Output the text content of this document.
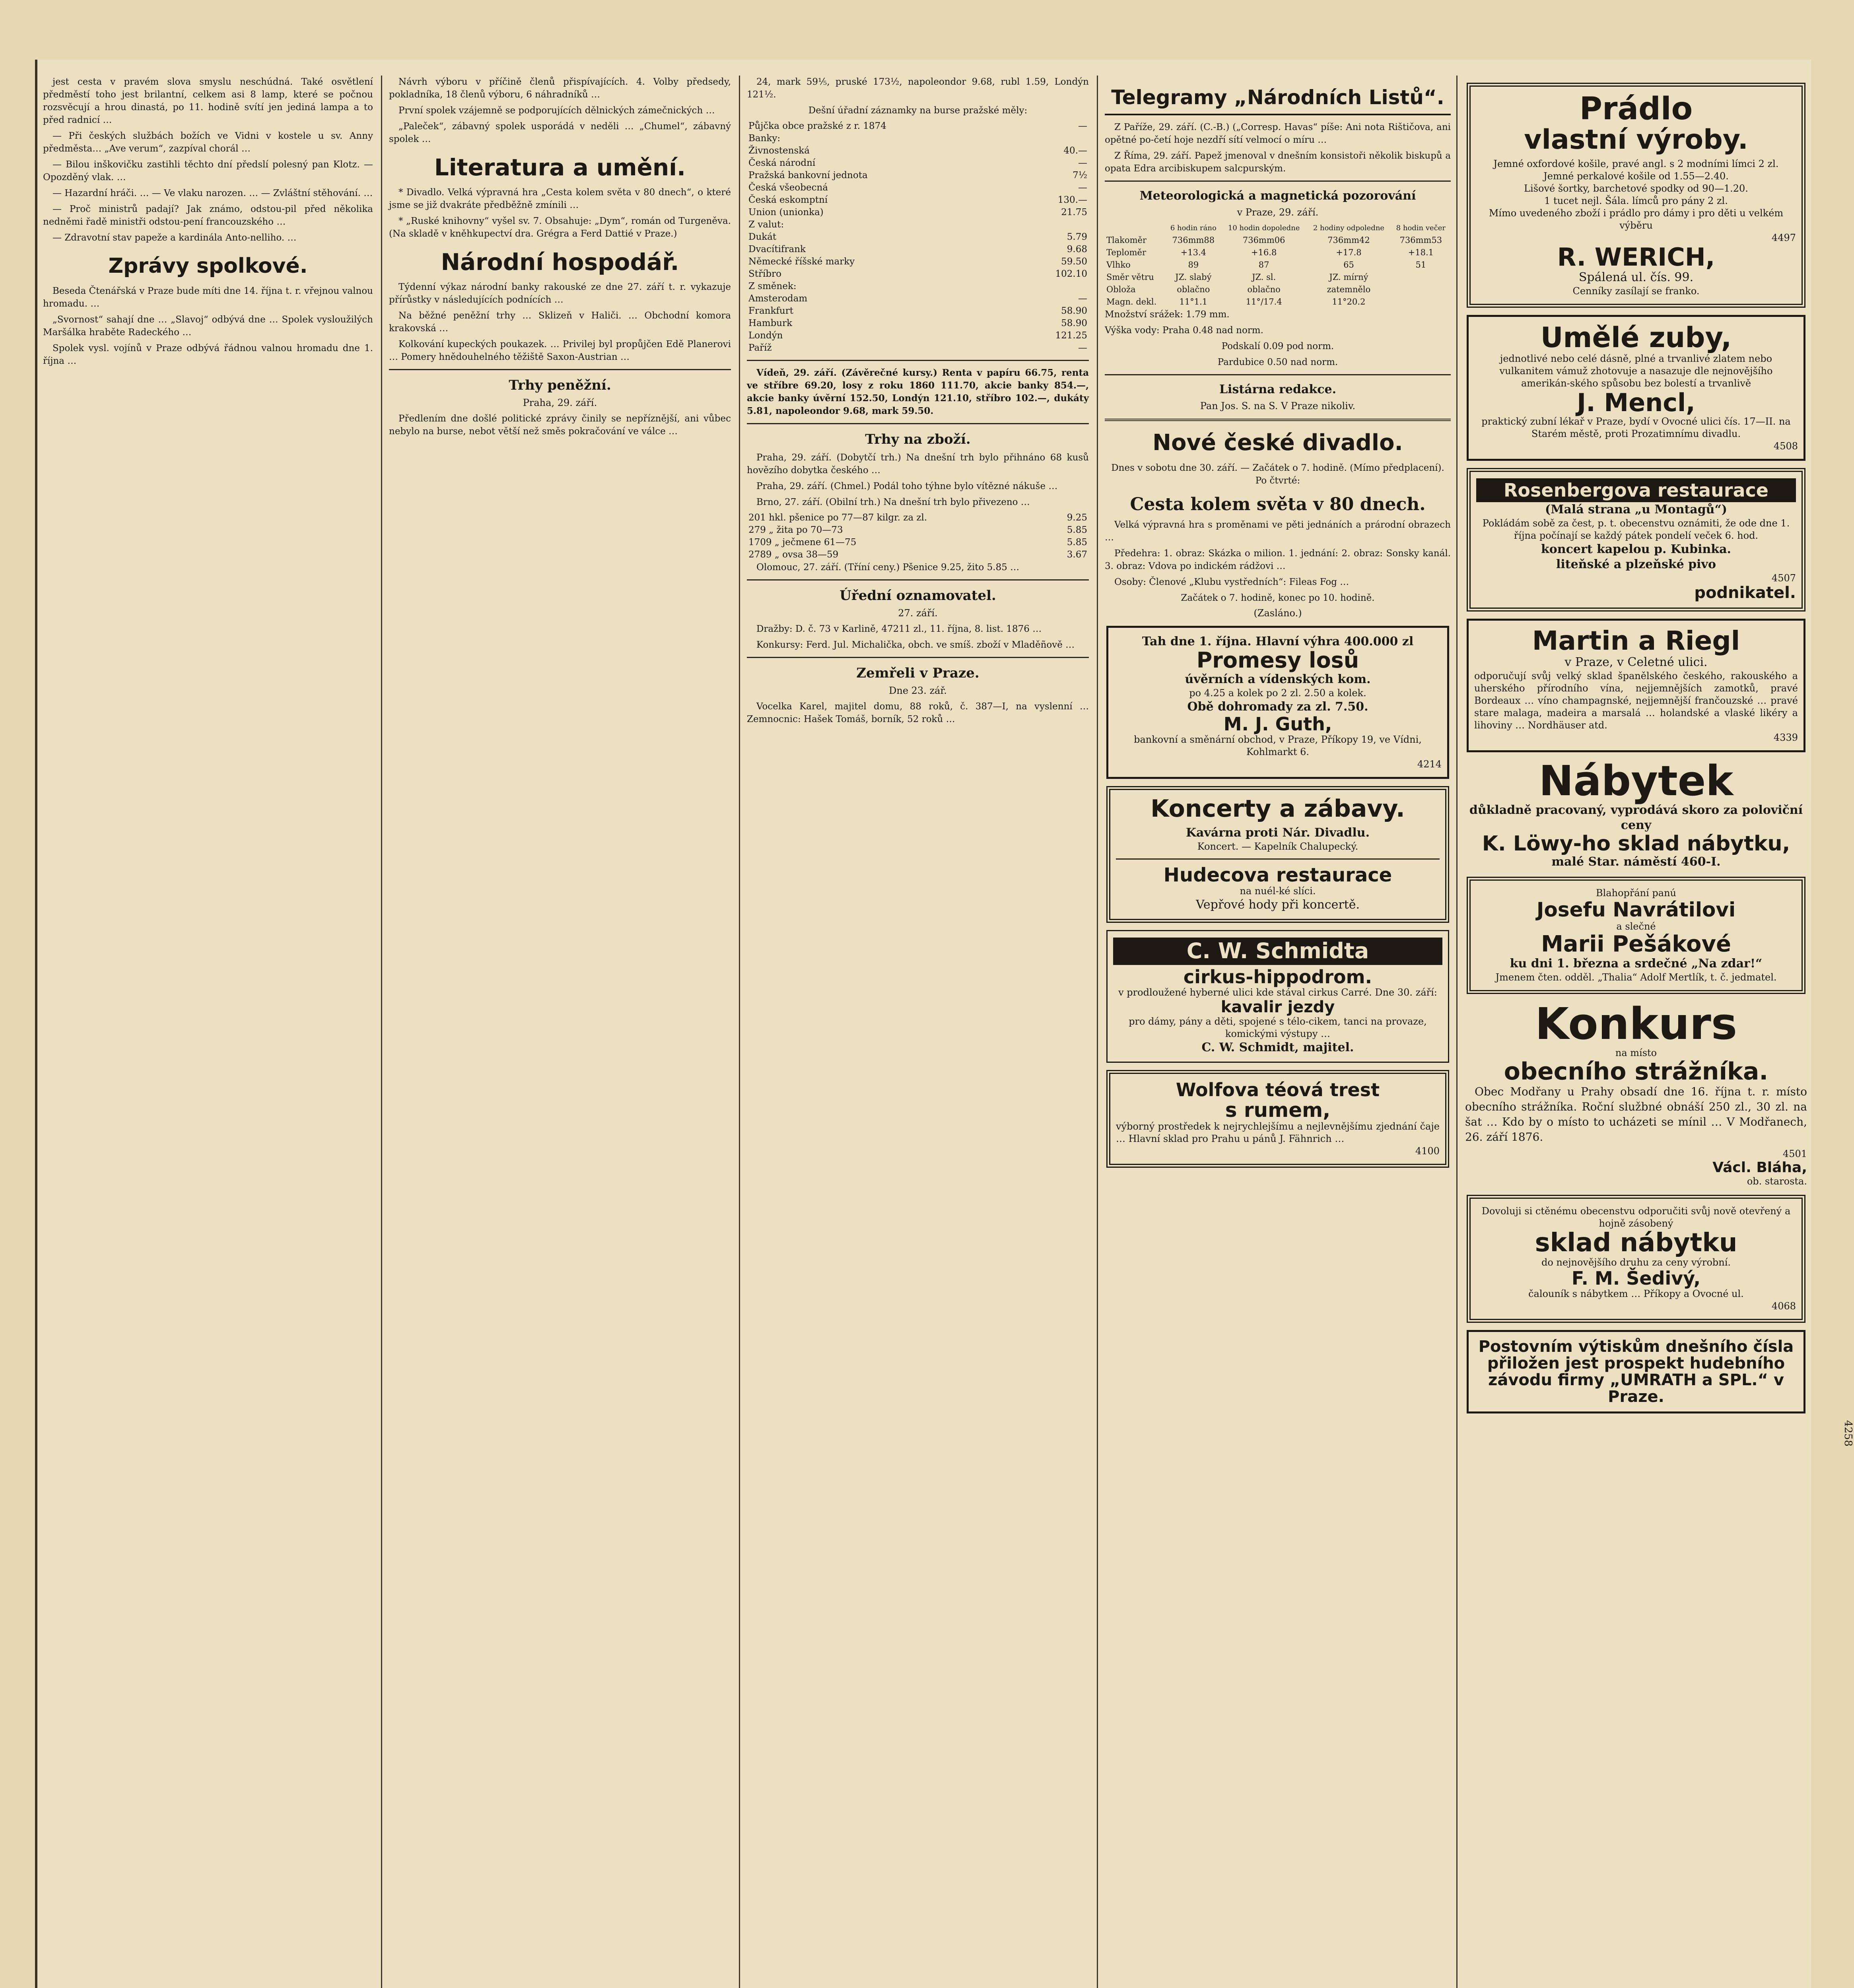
jest cesta v pravém slova smyslu neschúdná. Také osvětlení předměstí toho jest brilantní, celkem asi 8 lamp, které se počnou rozsvěcují a hrou dinastá, po 11. hodině svítí jen jediná lampa a to před radnicí …

— Při českých službách božích ve Vidni v kostele u sv. Anny předměsta… „Ave verum“, zazpíval chorál …

— Bilou inškovičku zastihli těchto dní předslí polesný pan Klotz. — Opozděný vlak. …

— Hazardní hráči. … — Ve vlaku narozen. … — Zvláštní stěhování. …

— Proč ministrů padají? Jak známo, odstou-pil před několika nedněmi řadě ministři odstou-pení francouzského …

— Zdravotní stav papeže a kardinála Anto-nelliho. …

Zprávy spolkové.

Beseda Čtenářská v Praze bude míti dne 14. října t. r. vřejnou valnou hromadu. …

„Svornost“ sahají dne … „Slavoj“ odbývá dne … Spolek vysloužilých Maršálka hraběte Radeckého …

Spolek vysl. vojínů v Praze odbývá řádnou valnou hromadu dne 1. října …

Návrh výboru v příčině členů přispívajících. 4. Volby předsedy, pokladníka, 18 členů výboru, 6 náhradníků …

První spolek vzájemně se podporujících dělnických zámečnických …

„Paleček“, zábavný spolek usporádá v neděli … „Chumel“, zábavný spolek …

Literatura a umění.

* Divadlo. Velká výpravná hra „Cesta kolem světa v 80 dnech“, o které jsme se již dvakráte předběžně zmínili …

* „Ruské knihovny“ vyšel sv. 7. Obsahuje: „Dym“, román od Turgeněva. (Na skladě v kněhkupectví dra. Grégra a Ferd Dattié v Praze.)

Národní hospodář.

Týdenní výkaz národní banky rakouské ze dne 27. září t. r. vykazuje přírůstky v následujících podnících …

Na běžné peněžní trhy … Sklizeň v Haliči. … Obchodní komora krakovská …

Kolkování kupeckých poukazek. … Privilej byl propůjčen Edě Planerovi … Pomery hnědouhelného těžiště Saxon-Austrian …

Trhy peněžní.
Praha, 29. září.

Předlením dne došlé politické zprávy činily se nepříznější, ani vůbec nebylo na burse, nebot větší než směs pokračování ve válce …

24, mark 59⅕, pruské 173½, napoleondor 9.68, rubl 1.59, Londýn 121½.

Dešní úřadní záznamky na burse pražské měly:

Půjčka obce pražské z r. 1874	—
Banky:	
Živnostenská	40.—
Česká národní	—
Pražská bankovní jednota	7½
Česká všeobecná	—
Česká eskomptní	130.—
Union (unionka)	21.75
Z valut:	
Dukát	5.79
Dvacítifrank	9.68
Německé říšské marky	59.50
Stříbro	102.10
Z směnek:	
Amsterodam	—
Frankfurt	58.90
Hamburk	58.90
Londýn	121.25
Paříž	—

Vídeň, 29. září. (Závěrečné kursy.) Renta v papíru 66.75, renta ve stříbre 69.20, losy z roku 1860 111.70, akcie banky 854.—, akcie banky úvěrní 152.50, Londýn 121.10, stříbro 102.—, dukáty 5.81, napoleondor 9.68, mark 59.50.

Trhy na zboží.

Praha, 29. září. (Dobytčí trh.) Na dnešní trh bylo přihnáno 68 kusů hovězího dobytka českého …

Praha, 29. září. (Chmel.) Podál toho týhne bylo vítězné nákuše …

Brno, 27. září. (Obilní trh.) Na dnešní trh bylo přivezeno …

201 hkl. pšenice po 77—87 kilgr. za zl.	9.25
279 „ žita po 70—73	5.85
1709 „ ječmene 61—75	5.85
2789 „ ovsa 38—59	3.67

Olomouc, 27. září. (Tříní ceny.) Pšenice 9.25, žito 5.85 …

Úřední oznamovatel.
27. září.

Dražby: D. č. 73 v Karlině, 47211 zl., 11. října, 8. list. 1876 …

Konkursy: Ferd. Jul. Michalička, obch. ve smíš. zboží v Mladěñově …

Zemřeli v Praze.
Dne 23. zář.

Vocelka Karel, majitel domu, 88 roků, č. 387—I, na vyslenní … Zemnocnic: Hašek Tomáš, borník, 52 roků …

Telegramy „Národních Listů“.

Z Paříže, 29. září. (C.-B.) („Corresp. Havas“ píše: Ani nota Rištičova, ani opětné po-četí hoje nezdří sítí velmocí o míru …

Z Říma, 29. září. Papež jmenoval v dnešním konsistoři několik biskupů a opata Edra arcibiskupem salcpurským.

Meteorologická a magnetická pozorování
v Praze, 29. září.
	6 hodin ráno	10 hodin dopoledne	2 hodiny odpoledne	8 hodin večer
Tlakoměr	736mm88	736mm06	736mm42	736mm53
Teploměr	+13.4	+16.8	+17.8	+18.1
Vlhko	89	87	65	51
Směr větru	JZ. slabý	JZ. sl.	JZ. mírný	
Obloža	oblačno	oblačno	zatemnělo	
Magn. dekl.	11°1.1	11°/17.4	11°20.2	

Množství srážek: 1.79 mm.

Výška vody: Praha 0.48 nad norm.

Podskalí 0.09 pod norm.

Pardubice 0.50 nad norm.

Listárna redakce.
Pan Jos. S. na S. V Praze nikoliv.
Nové české divadlo.

Dnes v sobotu dne 30. září. — Začátek o 7. hodině. (Mímo předplacení). Po čtvrté:

Cesta kolem světa v 80 dnech.

Velká výpravná hra s proměnami ve pěti jednáních a prárodní obrazech …

Předehra: 1. obraz: Skázka o milion. 1. jednání: 2. obraz: Sonsky kanál. 3. obraz: Vdova po indickém rádžovi …

Osoby: Členové „Klubu vystředních“: Fileas Fog …

Začátek o 7. hodině, konec po 10. hodině.

(Zasláno.)
Tah dne 1. října. Hlavní výhra 400.000 zl
Promesy losů
úvěrních a vídenských kom.
po 4.25 a kolek po 2 zl. 2.50 a kolek.
Obě dohromady za zl. 7.50.
M. J. Guth,
bankovní a směnární obchod, v Praze, Příkopy 19, ve Vídni, Kohlmarkt 6.
4214
Koncerty a zábavy.
Kavárna proti Nár. Divadlu.
Koncert. — Kapelník Chalupecký.
Hudecova restaurace
na nuél-ké slíci.
Vepřové hody při koncertě.
C. W. Schmidta
cirkus-hippodrom.
v prodloužené hyberné ulici kde stával cirkus Carré. Dne 30. září:
kavalir jezdy
pro dámy, pány a děti, spojené s télo-cikem, tanci na provaze, komickými výstupy …
C. W. Schmidt, majitel.
Wolfova téová trest
s rumem,
výborný prostředek k nejrychlejšímu a nejlevnějšímu zjednání čaje … Hlavní sklad pro Prahu u pánů J. Fähnrich …
4100
Prádlo
vlastní výroby.
Jemné oxfordové košile, pravé angl. s 2 modními límci 2 zl.
Jemné perkalové košile od 1.55—2.40.
Lišové šortky, barchetové spodky od 90—1.20.
1 tucet nejl. Šála. límců pro pány 2 zl.
Mímo uvedeného zboží i prádlo pro dámy i pro děti u velkém výběru
4497
R. WERICH,
Spálená ul. čís. 99.
Cenníky zasílají se franko.
Umělé zuby,
jednotlivé nebo celé dásně, plné a trvanlivé zlatem nebo vulkanitem vámuž zhotovuje a nasazuje dle nejnovějšího amerikán-ského spůsobu bez bolestí a trvanlivě
J. Mencl,
praktický zubní lékař v Praze, bydí v Ovocné ulici čís. 17—II. na Starém městě, proti Prozatimnímu divadlu.
4508
Rosenbergova restaurace
(Malá strana „u Montagů“)
Pokládám sobě za čest, p. t. obecenstvu oznámiti, že ode dne 1. října počínají se každý pátek pondelí veček 6. hod.
koncert kapelou p. Kubinka.
liteňské a plzeňské pivo
4507
podnikatel.
Martin a Riegl
v Praze, v Celetné ulici.
odporučují svůj velký sklad španělského českého, rakouského a uherského přírodního vína, nejjemnějších zamotků, pravé Bordeaux … víno champagnské, nejjemnější frančouzské … pravé stare malaga, madeira a marsalá … holandské a vlaské likéry a lihoviny … Nordhäuser atd.
4339
Nábytek
důkladně pracovaný, vyprodává skoro za poloviční ceny
K. Löwy-ho sklad nábytku,
malé Star. náměstí 460-I.
Blahopřání panú
Josefu Navrátilovi
a slečné
Marii Pešákové
ku dni 1. března a srdečné „Na zdar!“
Jmenem čten. odděl. „Thalia“ Adolf Mertlík, t. č. jedmatel.
Konkurs
na místo
obecního strážníka.

Obec Modřany u Prahy obsadí dne 16. října t. r. místo obecního strážníka. Roční službné obnáší 250 zl., 30 zl. na šat … Kdo by o místo to ucházeti se mínil … V Modřanech, 26. září 1876.

4501
Václ. Bláha,
ob. starosta.
Dovoluji si ctěnému obecenstvu odporučiti svůj nově otevřený a hojně zásobený
sklad nábytku
do nejnovějšího druhu za ceny výrobní.
F. M. Šedivý,
čalouník s nábytkem … Příkopy a Ovocné ul.
4068
Postovním výtiskům dnešního čísla přiložen jest prospekt hudebního závodu firmy „UMRATH a SPL.“ v Praze.
4258
